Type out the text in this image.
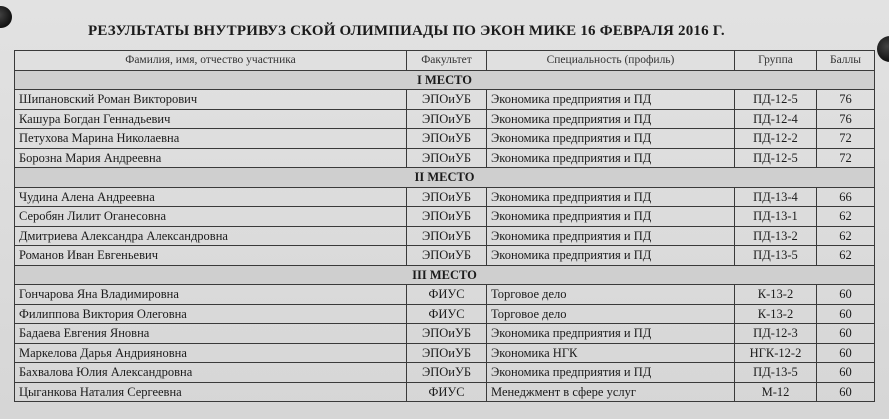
РЕЗУЛЬТАТЫ ВНУТРИВУЗ СКОЙ ОЛИМПИАДЫ ПО ЭКОН МИКЕ 16 ФЕВРАЛЯ 2016 Г.
Фамилия, имя, отчество участника	Факультет	Специальность (профиль)	Группа	Баллы
I МЕСТО				
Шипановский Роман Викторович	ЭПОиУБ	Экономика предприятия и ПД	ПД-12-5	76
Кашура Богдан Геннадьевич	ЭПОиУБ	Экономика предприятия и ПД	ПД-12-4	76
Петухова Марина Николаевна	ЭПОиУБ	Экономика предприятия и ПД	ПД-12-2	72
Борозна Мария Андреевна	ЭПОиУБ	Экономика предприятия и ПД	ПД-12-5	72
II МЕСТО				
Чудина Алена Андреевна	ЭПОиУБ	Экономика предприятия и ПД	ПД-13-4	66
Серобян Лилит Оганесовна	ЭПОиУБ	Экономика предприятия и ПД	ПД-13-1	62
Дмитриева Александра Александровна	ЭПОиУБ	Экономика предприятия и ПД	ПД-13-2	62
Романов Иван Евгеньевич	ЭПОиУБ	Экономика предприятия и ПД	ПД-13-5	62
III МЕСТО				
Гончарова Яна Владимировна	ФИУС	Торговое дело	К-13-2	60
Филиппова Виктория Олеговна	ФИУС	Торговое дело	К-13-2	60
Бадаева Евгения Яновна	ЭПОиУБ	Экономика предприятия и ПД	ПД-12-3	60
Маркелова Дарья Андрияновна	ЭПОиУБ	Экономика НГК	НГК-12-2	60
Бахвалова Юлия Александровна	ЭПОиУБ	Экономика предприятия и ПД	ПД-13-5	60
Цыганкова Наталия Сергеевна	ФИУС	Менеджмент в сфере услуг	М-12	60
